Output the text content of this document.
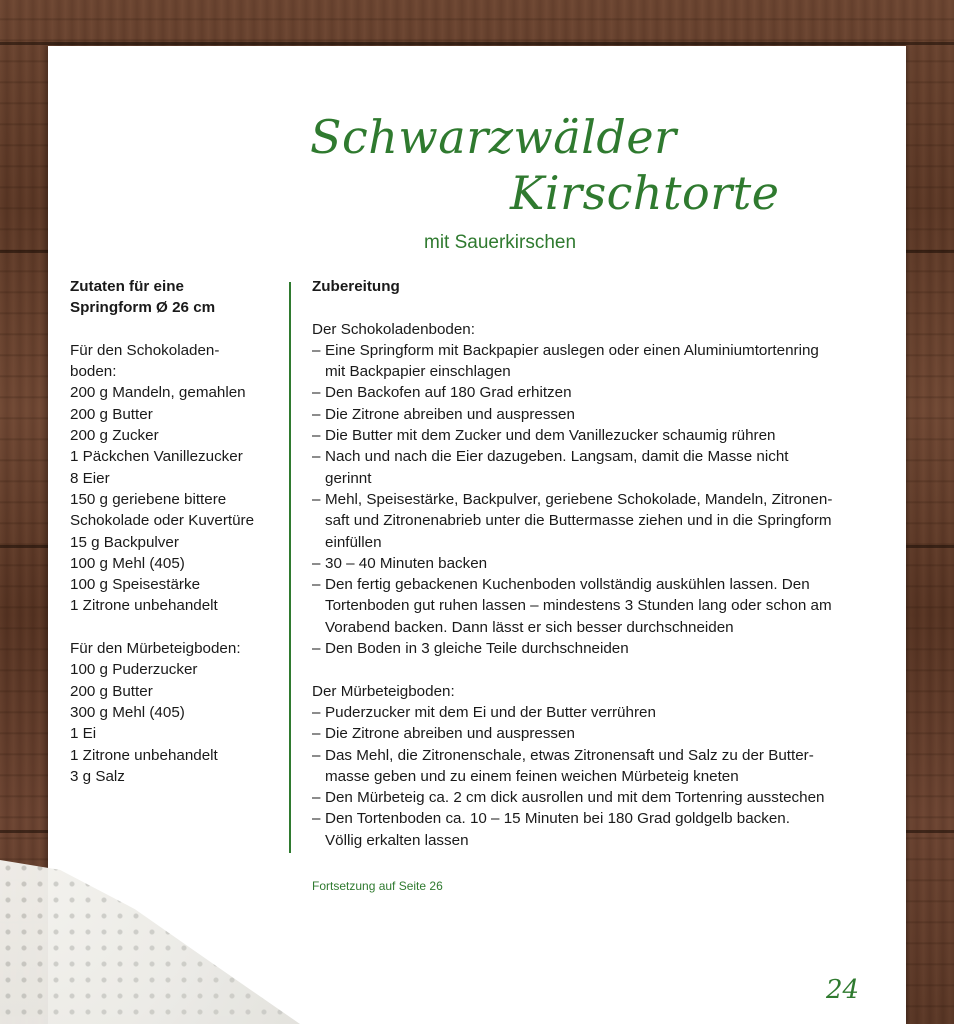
Schwarzwälder
Kirschtorte
mit Sauerkirschen
Zutaten für eine
Springform Ø 26 cm
Für den Schokoladen-
boden:
200 g Mandeln, gemahlen
200 g Butter
200 g Zucker
1 Päckchen Vanillezucker
8 Eier
150 g geriebene bittere
Schokolade oder Kuvertüre
15 g Backpulver
100 g Mehl (405)
100 g Speisestärke
1 Zitrone unbehandelt
Für den Mürbeteigboden:
100 g Puderzucker
200 g Butter
300 g Mehl (405)
1 Ei
1 Zitrone unbehandelt
3 g Salz
Zubereitung
Der Schokoladenboden:
– Eine Springform mit Backpapier auslegen oder einen Aluminiumtortenring
mit Backpapier einschlagen
– Den Backofen auf 180 Grad erhitzen
– Die Zitrone abreiben und auspressen
– Die Butter mit dem Zucker und dem Vanillezucker schaumig rühren
– Nach und nach die Eier dazugeben. Langsam, damit die Masse nicht
gerinnt
– Mehl, Speisestärke, Backpulver, geriebene Schokolade, Mandeln, Zitronen-
saft und Zitronenabrieb unter die Buttermasse ziehen und in die Springform
einfüllen
– 30 – 40 Minuten backen
– Den fertig gebackenen Kuchenboden vollständig auskühlen lassen. Den
Tortenboden gut ruhen lassen – mindestens 3 Stunden lang oder schon am
Vorabend backen. Dann lässt er sich besser durchschneiden
– Den Boden in 3 gleiche Teile durchschneiden
Der Mürbeteigboden:
– Puderzucker mit dem Ei und der Butter verrühren
– Die Zitrone abreiben und auspressen
– Das Mehl, die Zitronenschale, etwas Zitronensaft und Salz zu der Butter-
masse geben und zu einem feinen weichen Mürbeteig kneten
– Den Mürbeteig ca. 2 cm dick ausrollen und mit dem Tortenring ausstechen
– Den Tortenboden ca. 10 – 15 Minuten bei 180 Grad goldgelb backen.
Völlig erkalten lassen
Fortsetzung auf Seite 26
24
